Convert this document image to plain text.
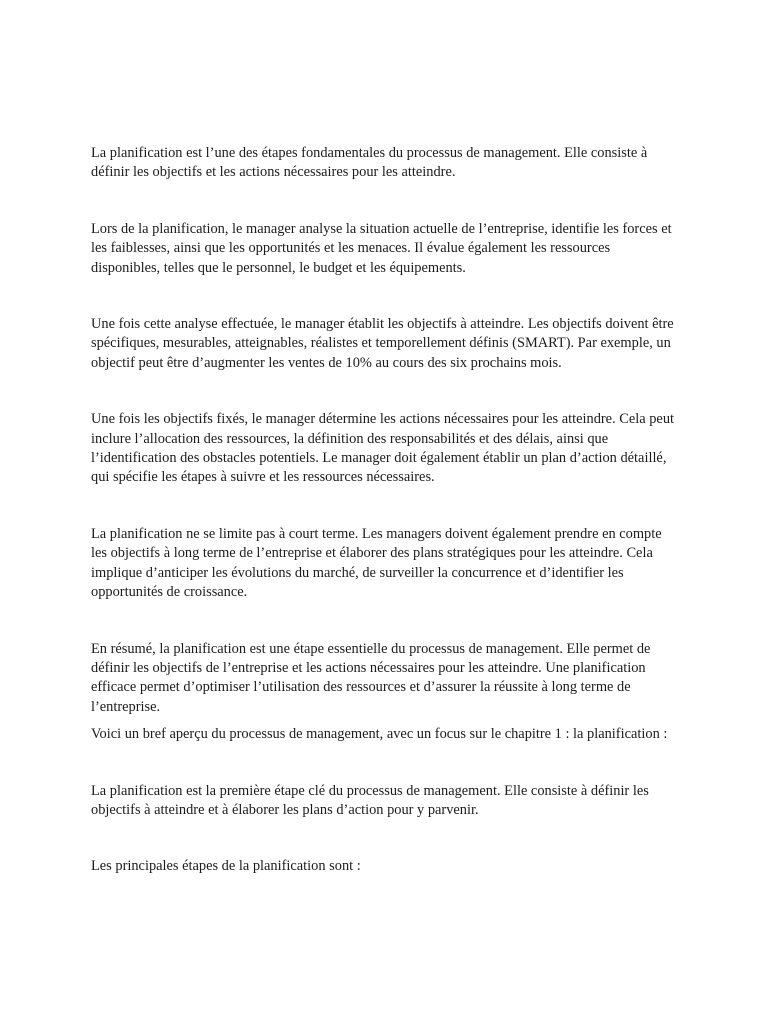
La planification est l’une des étapes fondamentales du processus de management. Elle consiste à définir les objectifs et les actions nécessaires pour les atteindre.

Lors de la planification, le manager analyse la situation actuelle de l’entreprise, identifie les forces et les faiblesses, ainsi que les opportunités et les menaces. Il évalue également les ressources disponibles, telles que le personnel, le budget et les équipements.

Une fois cette analyse effectuée, le manager établit les objectifs à atteindre. Les objectifs doivent être spécifiques, mesurables, atteignables, réalistes et temporellement définis (SMART). Par exemple, un objectif peut être d’augmenter les ventes de 10% au cours des six prochains mois.

Une fois les objectifs fixés, le manager détermine les actions nécessaires pour les atteindre. Cela peut inclure l’allocation des ressources, la définition des responsabilités et des délais, ainsi que l’identification des obstacles potentiels. Le manager doit également établir un plan d’action détaillé, qui spécifie les étapes à suivre et les ressources nécessaires.

La planification ne se limite pas à court terme. Les managers doivent également prendre en compte les objectifs à long terme de l’entreprise et élaborer des plans stratégiques pour les atteindre. Cela implique d’anticiper les évolutions du marché, de surveiller la concurrence et d’identifier les opportunités de croissance.

En résumé, la planification est une étape essentielle du processus de management. Elle permet de définir les objectifs de l’entreprise et les actions nécessaires pour les atteindre. Une planification efficace permet d’optimiser l’utilisation des ressources et d’assurer la réussite à long terme de l’entreprise.

Voici un bref aperçu du processus de management, avec un focus sur le chapitre 1 : la planification :

La planification est la première étape clé du processus de management. Elle consiste à définir les objectifs à atteindre et à élaborer les plans d’action pour y parvenir.

Les principales étapes de la planification sont :
